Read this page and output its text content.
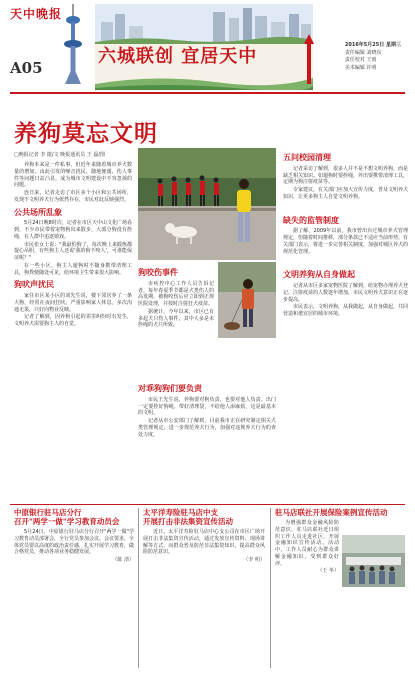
天中晚报
A05
六城联创 宜居天中
2016年5月25日 星期三
责任编辑 刘晓东
责任校对 王雨
美术编辑 许明
养狗莫忘文明
□晚报记者 李 捷/文 晚报通讯员 王 磊/图

养狗本来是一件私事，但近年来随着城市养犬数量的增加，由此引发的噪音扰民、随地便溺、伤人事件等问题日益凸显，成为城市文明建设中不容忽视的问题。

连日来，记者走访了市区多个小区和公共场所，发现不文明养犬行为依然存在，市民对此反映强烈。

公共场所乱象

5月24日晚8时许，记者在市区天中山文化广场看到，不少市民带着宠物狗出来散步，大部分狗没有拴绳，在人群中追逐嬉戏。

市民张女士说："我最怕狗了，每次晚上来锻炼都提心吊胆，有些狗主人还说'我的狗不咬人'，可谁能保证呢？"

在一些小区，狗主人遛狗时不随身携带清理工具，狗粪便随处可见，给环境卫生带来很大影响。

狗吠声扰民

家住市区某小区的刘先生说，楼下邻居养了一条大狗，经常在夜间狂吠，严重影响家人休息。多次沟通无果，只好向物业反映。

记者了解到，因养狗引起的邻里纠纷时有发生，文明养犬需要狗主人的自觉。

狗咬伤事件

市疾控中心工作人员告诉记者，每年春夏季节都是犬类伤人的高发期，被狗咬伤后应立即到正规医院处理，并按时注射狂犬疫苗。

据统计，今年以来，市区已有多起犬只伤人事件，其中大多是未拴绳的犬只所致。

对乖狗狗们要负责

市民王先生说，养狗要对狗负责，也要对他人负责。出门一定要拴好狗绳，带好清理袋，不给他人添麻烦，这是最基本的文明。

记者从市公安部门了解到，目前我市正在研究制定相关犬类管理规定，进一步规范养犬行为，加强对违规养犬行为的查处力度。

五问校园清理

记者采访了解到，很多人并不是不想文明养狗，而是缺乏相关知识。如遛狗时要拴绳，外出要携带清理工具，定期为狗注射疫苗等。

专家建议，有关部门应加大宣传力度，普及文明养犬知识，让更多狗主人自觉文明养狗。

缺失的监管制度

据了解，2009年以前，我市曾出台过城市养犬管理规定，但随着时间推移，部分条款已不适应当前形势。有关部门表示，将进一步完善相关制度，加强对城区养犬的规范化管理。

文明养狗从自身做起

记者从市区多家宠物医院了解到，给宠物办理养犬登记、注射疫苗的人数逐年增加，市民文明养犬意识正在逐步提高。

市民表示，文明养狗，从我做起，从自身做起，共同营造和谐宜居的城市环境。

中原银行驻马店分行
召开"两学一做"学习教育动员会

5月24日，中原银行驻马店分行召开"两学一做"学习教育动员部署会，全行党员参加会议。会议要求，全体党员要以高度的政治责任感，扎实开展学习教育，做合格党员，推动各项业务稳健发展。

（陈 清）

太平洋寿险驻马店中支
开展打击非法集资宣传活动

近日，太平洋寿险驻马店中心支公司在市区广场开展打击非法集资宣传活动，通过发放宣传资料、现场讲解等方式，向群众普及防范非法集资知识，提高群众风险防范意识。

（李 明）

驻马店联社开展保险案例宣传活动

为增强群众金融风险防范意识，驻马店联社近日组织工作人员走进社区，开展金融知识宣传活动。活动中，工作人员耐心为群众讲解金融知识，受到群众好评。

（王 华）
